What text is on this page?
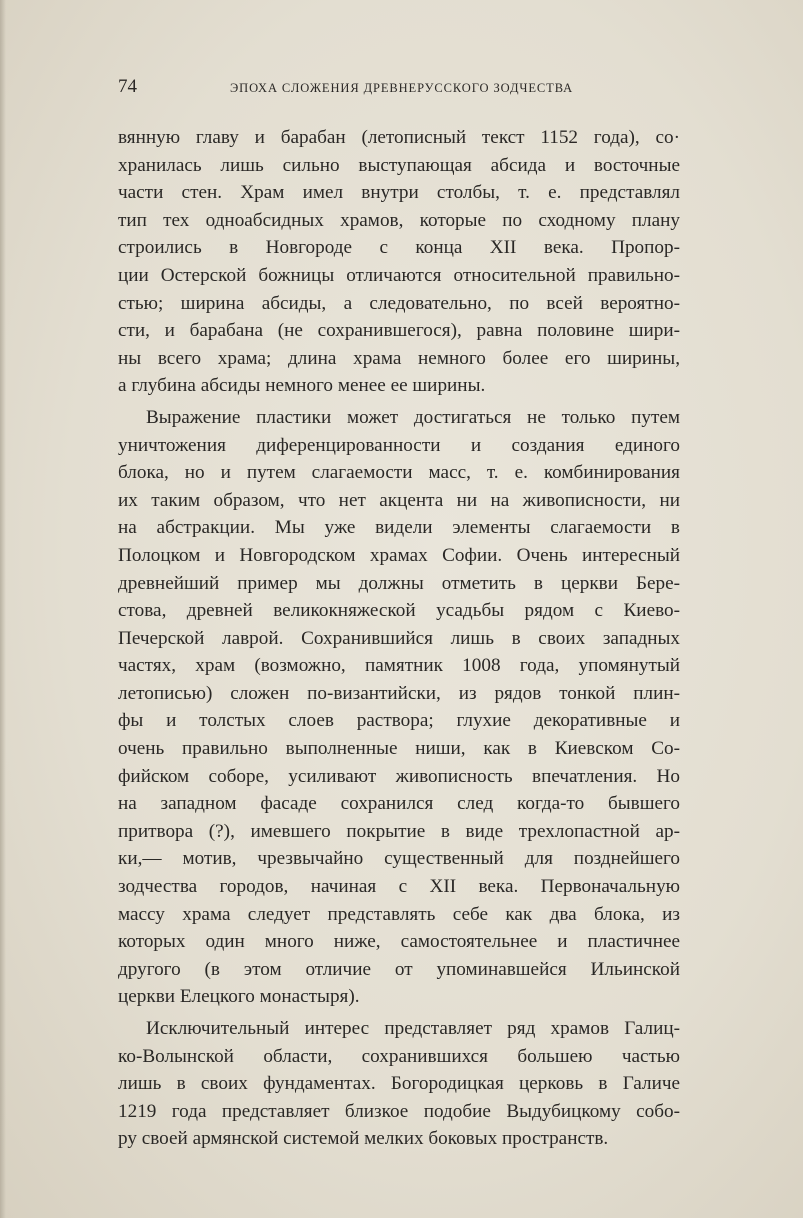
74	ЭПОХА СЛОЖЕНИЯ ДРЕВНЕРУССКОГО ЗОДЧЕСТВА
вянную главу и барабан (летописный текст 1152 года), со·
хранилась лишь сильно выступающая абсида и восточные
части стен. Храм имел внутри столбы, т. е. представлял
тип тех одноабсидных храмов, которые по сходному плану
строились в Новгороде с конца XII века. Пропор-
ции Остерской божницы отличаются относительной правильно-
стью; ширина абсиды, а следовательно, по всей вероятно-
сти, и барабана (не сохранившегося), равна половине шири-
ны всего храма; длина храма немного более его ширины,
а глубина абсиды немного менее ее ширины.
Выражение пластики может достигаться не только путем
уничтожения диференцированности и создания единого
блока, но и путем слагаемости масс, т. е. комбинирования
их таким образом, что нет акцента ни на живописности, ни
на абстракции. Мы уже видели элементы слагаемости в
Полоцком и Новгородском храмах Софии. Очень интересный
древнейший пример мы должны отметить в церкви Бере-
стова, древней великокняжеской усадьбы рядом с Киево-
Печерской лаврой. Сохранившийся лишь в своих западных
частях, храм (возможно, памятник 1008 года, упомянутый
летописью) сложен по-византийски, из рядов тонкой плин-
фы и толстых слоев раствора; глухие декоративные и
очень правильно выполненные ниши, как в Киевском Со-
фийском соборе, усиливают живописность впечатления. Но
на западном фасаде сохранился след когда-то бывшего
притвора (?), имевшего покрытие в виде трехлопастной ар-
ки,— мотив, чрезвычайно существенный для позднейшего
зодчества городов, начиная с XII века. Первоначальную
массу храма следует представлять себе как два блока, из
которых один много ниже, самостоятельнее и пластичнее
другого (в этом отличие от упоминавшейся Ильинской
церкви Елецкого монастыря).
Исключительный интерес представляет ряд храмов Галиц-
ко-Волынской области, сохранившихся большею частью
лишь в своих фундаментах. Богородицкая церковь в Галиче
1219 года представляет близкое подобие Выдубицкому собо-
ру своей армянской системой мелких боковых пространств.
